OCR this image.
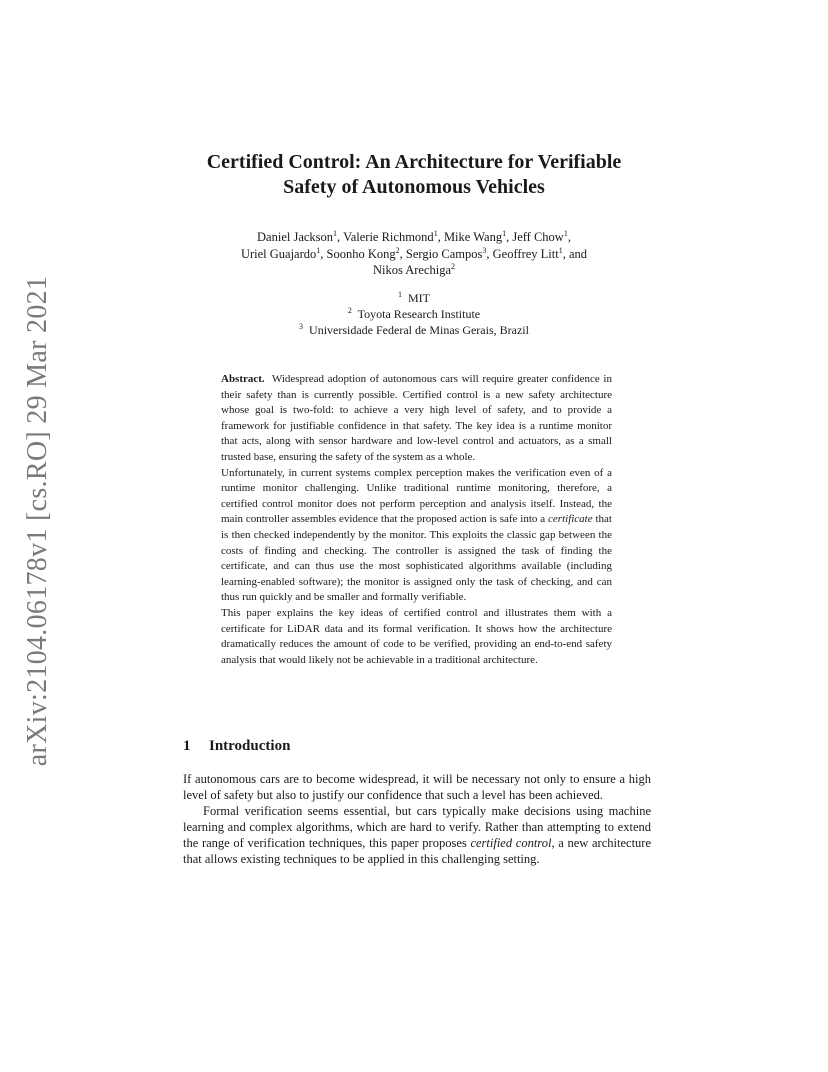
arXiv:2104.06178v1 [cs.RO] 29 Mar 2021
Certified Control: An Architecture for Verifiable
Safety of Autonomous Vehicles
Daniel Jackson$^1$, Valerie Richmond$^1$, Mike Wang$^1$, Jeff Chow$^1$,
Uriel Guajardo$^1$, Soonho Kong$^2$, Sergio Campos$^3$, Geoffrey Litt$^1$, and
Nikos Arechiga$^2$
$^1$ MIT
$^2$ Toyota Research Institute
$^3$ Universidade Federal de Minas Gerais, Brazil

Abstract. Widespread adoption of autonomous cars will require greater confidence in their safety than is currently possible. Certified control is a new safety architecture whose goal is two-fold: to achieve a very high level of safety, and to provide a framework for justifiable confidence in that safety. The key idea is a runtime monitor that acts, along with sensor hardware and low-level control and actuators, as a small trusted base, ensuring the safety of the system as a whole.

Unfortunately, in current systems complex perception makes the verification even of a runtime monitor challenging. Unlike traditional runtime monitoring, therefore, a certified control monitor does not perform perception and analysis itself. Instead, the main controller assembles evidence that the proposed action is safe into a certificate that is then checked independently by the monitor. This exploits the classic gap between the costs of finding and checking. The controller is assigned the task of finding the certificate, and can thus use the most sophisticated algorithms available (including learning-enabled software); the monitor is assigned only the task of checking, and can thus run quickly and be smaller and formally verifiable.

This paper explains the key ideas of certified control and illustrates them with a certificate for LiDAR data and its formal verification. It shows how the architecture dramatically reduces the amount of code to be verified, providing an end-to-end safety analysis that would likely not be achievable in a traditional architecture.

1 Introduction

If autonomous cars are to become widespread, it will be necessary not only to ensure a high level of safety but also to justify our confidence that such a level has been achieved.

Formal verification seems essential, but cars typically make decisions using machine learning and complex algorithms, which are hard to verify. Rather than attempting to extend the range of verification techniques, this paper proposes certified control, a new architecture that allows existing techniques to be applied in this challenging setting.
